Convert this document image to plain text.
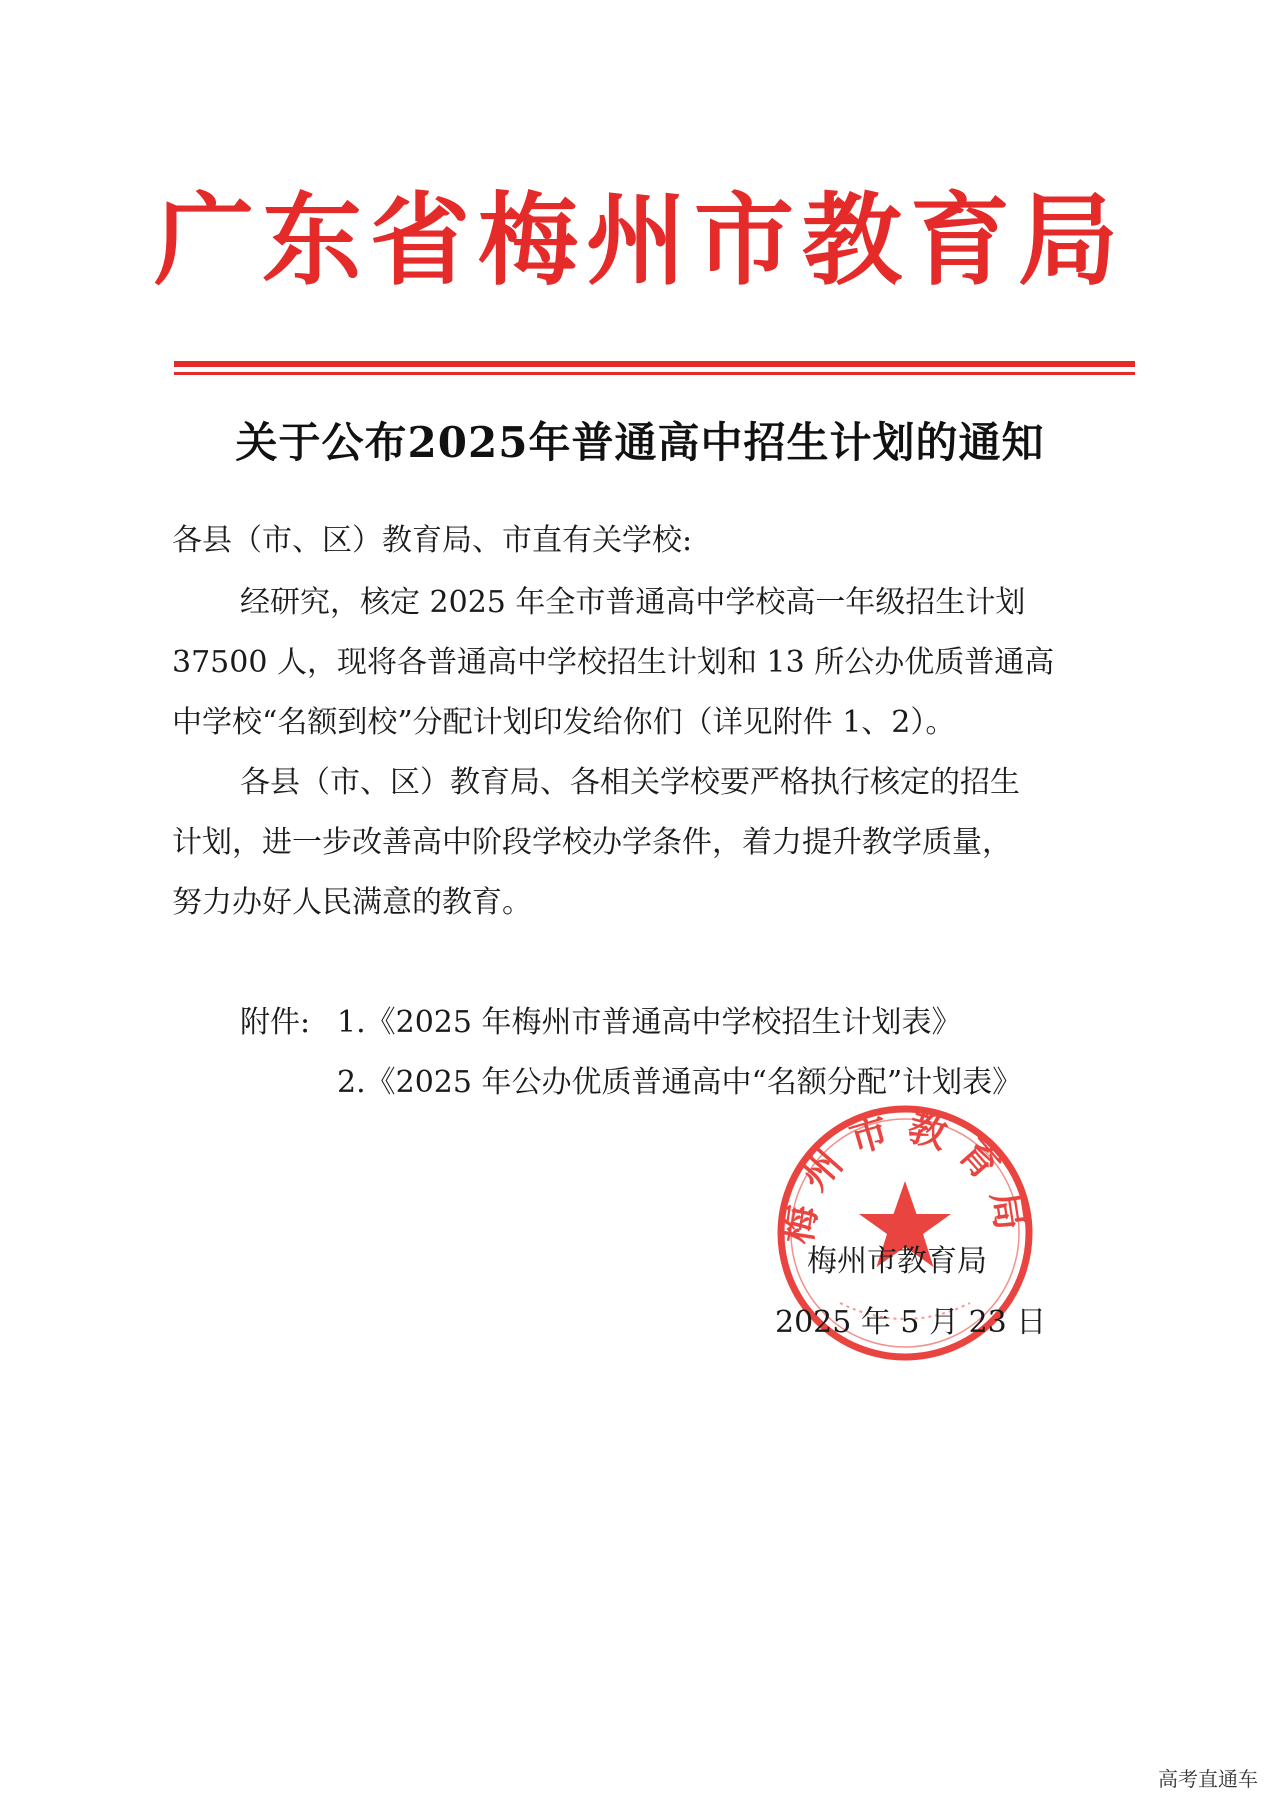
广东省梅州市教育局
关于公布2025年普通高中招生计划的通知
各县（市、区）教育局、市直有关学校:
经研究，核定 2025 年全市普通高中学校高一年级招生计划
37500 人，现将各普通高中学校招生计划和 13 所公办优质普通高
中学校“名额到校”分配计划印发给你们（详见附件 1、2）。
各县（市、区）教育局、各相关学校要严格执行核定的招生
计划，进一步改善高中阶段学校办学条件，着力提升教学质量，
努力办好人民满意的教育。
附件: 1.《2025 年梅州市普通高中学校招生计划表》
2.《2025 年公办优质普通高中“名额分配”计划表》
梅州市教育局
梅州市教育局
2025 年 5 月 23 日
高考直通车
